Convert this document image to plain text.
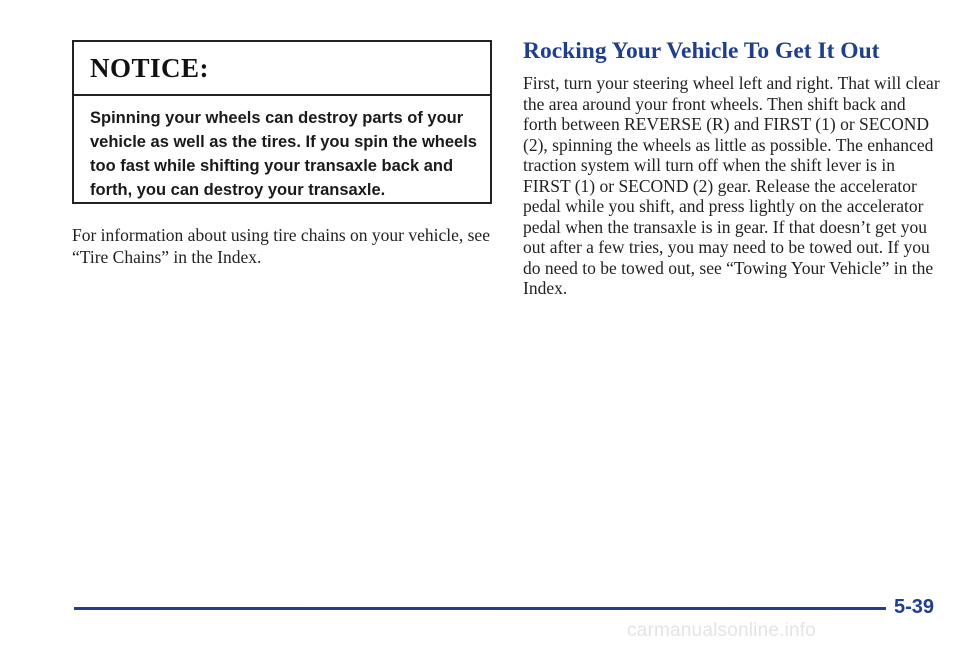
NOTICE:
Spinning your wheels can destroy parts of your vehicle as well as the tires. If you spin the wheels too fast while shifting your transaxle back and forth, you can destroy your transaxle.
For information about using tire chains on your vehicle, see “Tire Chains” in the Index.
Rocking Your Vehicle To Get It Out
First, turn your steering wheel left and right. That will clear the area around your front wheels. Then shift back and forth between REVERSE (R) and FIRST (1) or SECOND (2), spinning the wheels as little as possible. The enhanced traction system will turn off when the shift lever is in FIRST (1) or SECOND (2) gear. Release the accelerator pedal while you shift, and press lightly on the accelerator pedal when the transaxle is in gear. If that doesn’t get you out after a few tries, you may need to be towed out. If you do need to be towed out, see “Towing Your Vehicle” in the Index.
5-39
carmanualsonline.info
